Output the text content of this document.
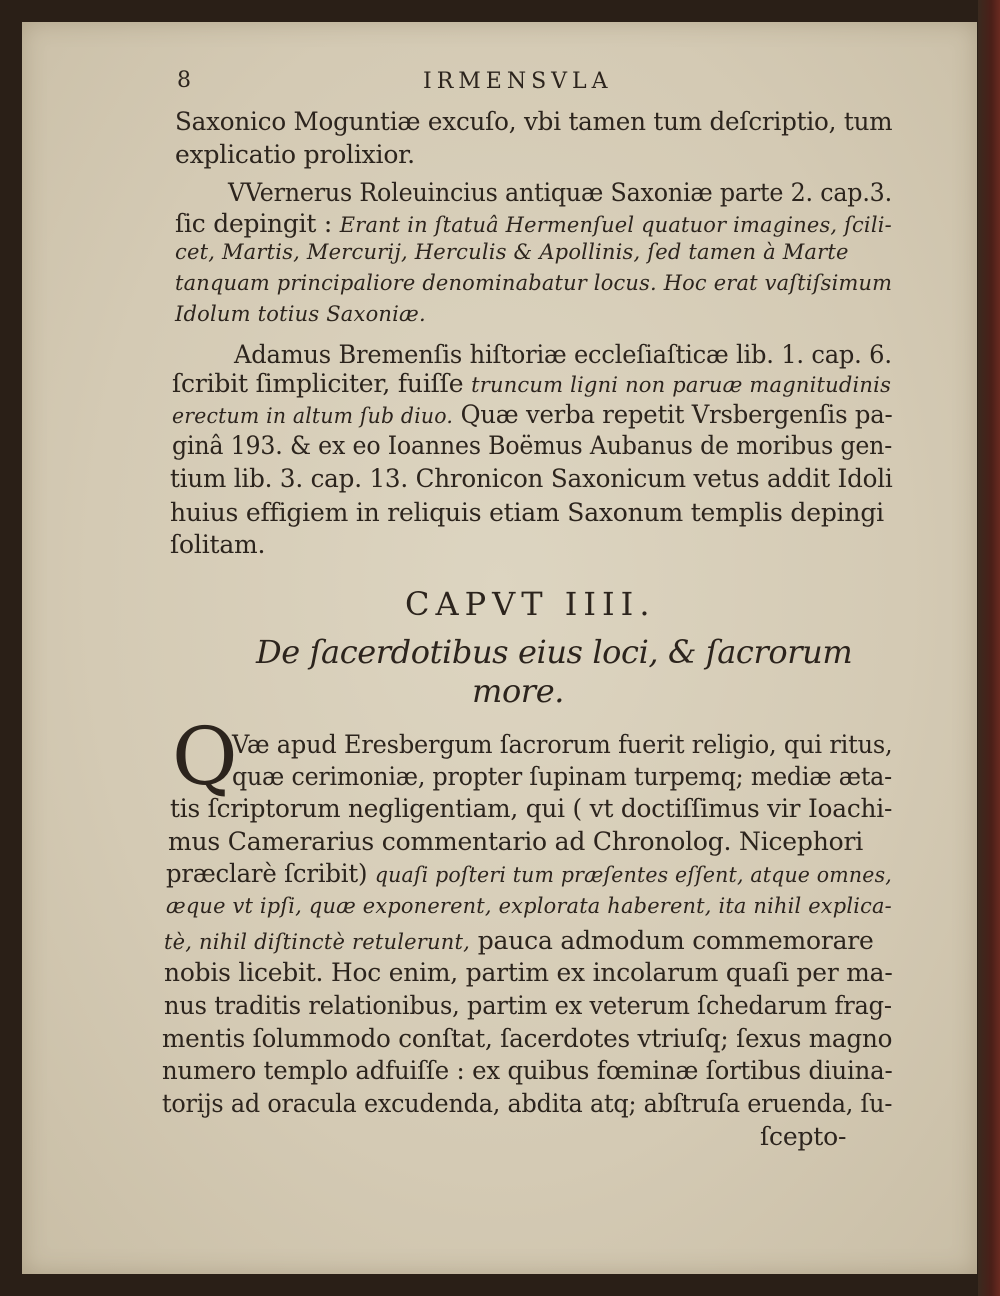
8	IRMENSVLA
Saxonico Moguntiæ excuſo, vbi tamen tum deſcriptio, tum
explicatio prolixior.
VVernerus Roleuincius antiquæ Saxoniæ parte 2. cap.3.
ſic depingit : Erant in ſtatuâ Hermenſuel quatuor imagines, ſcili-
cet, Martis, Mercurij, Herculis & Apollinis, ſed tamen à Marte
tanquam principaliore denominabatur locus. Hoc erat vaſtiſsimum
Idolum totius Saxoniæ.
Adamus Bremenſis hiſtoriæ eccleſiaſticæ lib. 1. cap. 6.
ſcribit ſimpliciter, fuiſſe truncum ligni non paruæ magnitudinis
erectum in altum ſub diuo. Quæ verba repetit Vrsbergenſis pa-
ginâ 193. & ex eo Ioannes Boëmus Aubanus de moribus gen-
tium lib. 3. cap. 13. Chronicon Saxonicum vetus addit Idoli
huius effigiem in reliquis etiam Saxonum templis depingi
ſolitam.
CAPVT IIII.
De ſacerdotibus eius loci, & ſacrorum
more.
Q
Væ apud Eresbergum ſacrorum fuerit religio, qui ritus,
quæ cerimoniæ, propter ſupinam turpemq; mediæ æta-
tis ſcriptorum negligentiam, qui ( vt doctiſſimus vir Ioachi-
mus Camerarius commentario ad Chronolog. Nicephori
præclarè ſcribit) quaſi poſteri tum præſentes eſſent, atque omnes,
æque vt ipſi, quæ exponerent, explorata haberent, ita nihil explica-
tè, nihil diſtinctè retulerunt, pauca admodum commemorare
nobis licebit. Hoc enim, partim ex incolarum quaſi per ma-
nus traditis relationibus, partim ex veterum ſchedarum frag-
mentis ſolummodo conſtat, ſacerdotes vtriuſq; ſexus magno
numero templo adfuiſſe : ex quibus fœminæ ſortibus diuina-
torijs ad oracula excudenda, abdita atq; abſtruſa eruenda, ſu-
ſcepto-
